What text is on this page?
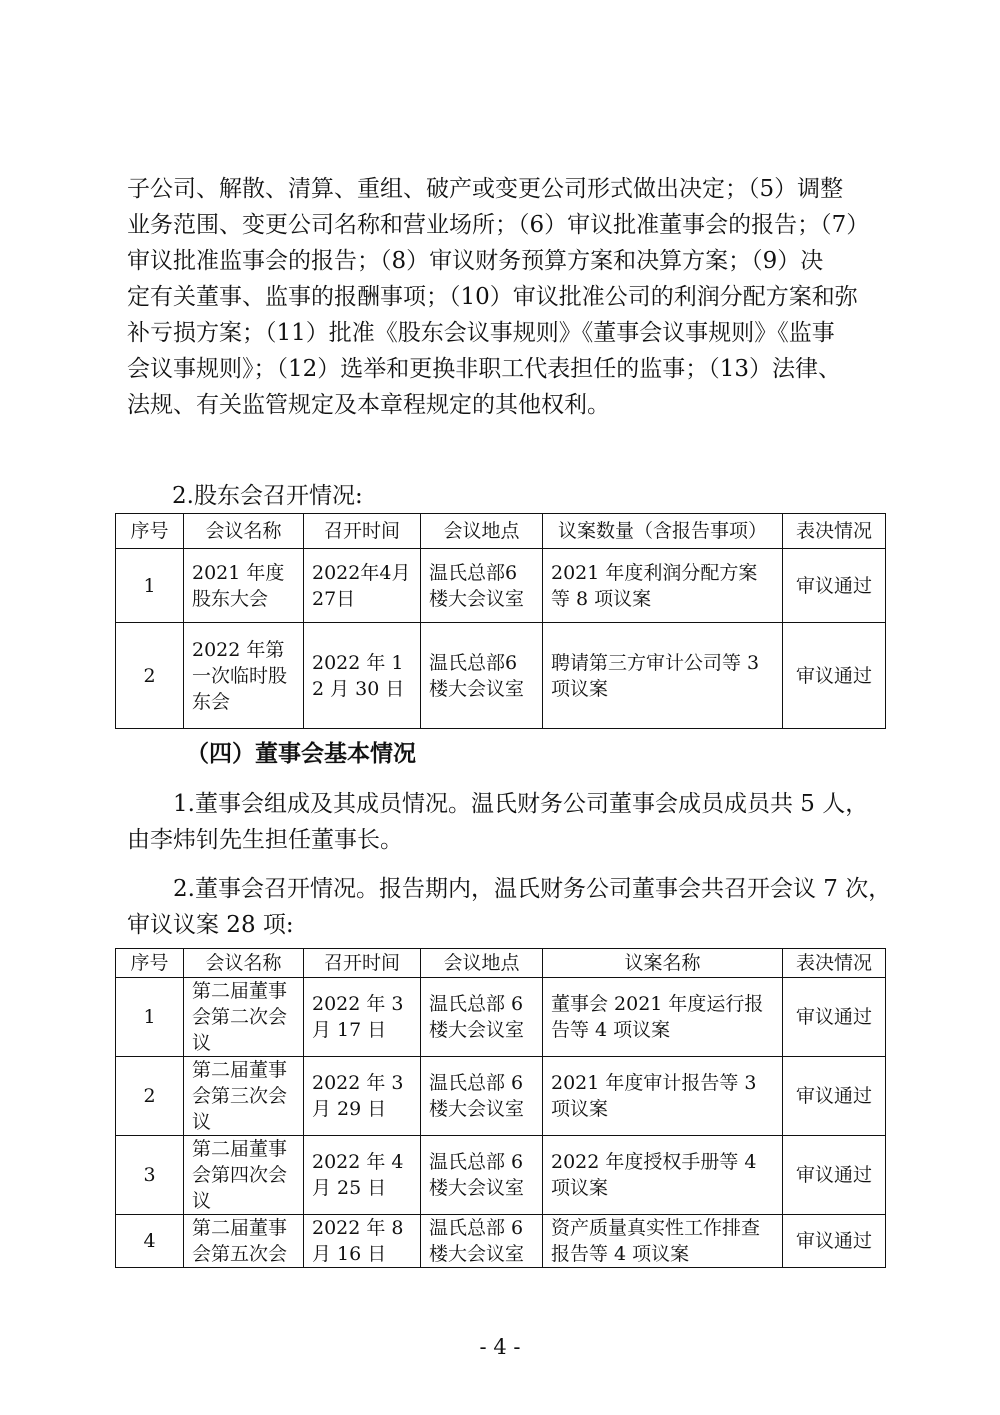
子公司、解散、清算、重组、破产或变更公司形式做出决定；（5）调整
业务范围、变更公司名称和营业场所；（6）审议批准董事会的报告；（7）
审议批准监事会的报告；（8）审议财务预算方案和决算方案；（9）决
定有关董事、监事的报酬事项；（10）审议批准公司的利润分配方案和弥
补亏损方案；（11）批准《股东会议事规则》《董事会议事规则》《监事
会议事规则》；（12）选举和更换非职工代表担任的监事；（13）法律、
法规、有关监管规定及本章程规定的其他权利。

2.股东会召开情况:

序号	会议名称	召开时间	会议地点	议案数量（含报告事项）	表决情况
1	2021 年度股东大会	2022年4月27日	温氏总部6楼大会议室	2021 年度利润分配方案等 8 项议案	审议通过
2	2022 年第一次临时股东会	2022 年 12 月 30 日	温氏总部6楼大会议室	聘请第三方审计公司等 3 项议案	审议通过

（四）董事会基本情况

1.董事会组成及其成员情况。温氏财务公司董事会成员成员共 5 人，
由李炜钊先生担任董事长。

2.董事会召开情况。报告期内，温氏财务公司董事会共召开会议 7 次，
审议议案 28 项:

序号	会议名称	召开时间	会议地点	议案名称	表决情况
1	第二届董事会第二次会议	2022 年 3 月 17 日	温氏总部 6 楼大会议室	董事会 2021 年度运行报告等 4 项议案	审议通过
2	第二届董事会第三次会议	2022 年 3 月 29 日	温氏总部 6 楼大会议室	2021 年度审计报告等 3 项议案	审议通过
3	第二届董事会第四次会议	2022 年 4 月 25 日	温氏总部 6 楼大会议室	2022 年度授权手册等 4 项议案	审议通过
4	第二届董事会第五次会	2022 年 8 月 16 日	温氏总部 6 楼大会议室	资产质量真实性工作排查报告等 4 项议案	审议通过
- 4 -
